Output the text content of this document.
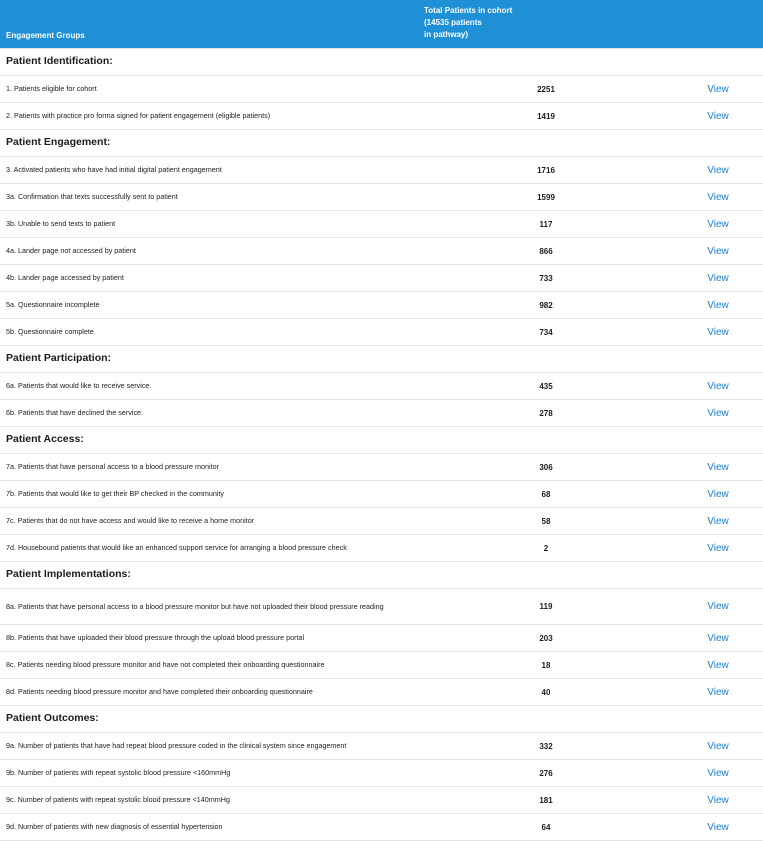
Engagement Groups
Total Patients in cohort
(14535 patients
in pathway)
Patient Identification:
1. Patients eligible for cohort	2251	View
2. Patients with practice pro forma signed for patient engagement (eligible patients)	1419	View
Patient Engagement:
3. Activated patients who have had initial digital patient engagement	1716	View
3a. Confirmation that texts successfully sent to patient	1599	View
3b. Unable to send texts to patient	117	View
4a. Lander page not accessed by patient	866	View
4b. Lander page accessed by patient	733	View
5a. Questionnaire incomplete	982	View
5b. Questionnaire complete	734	View
Patient Participation:
6a. Patients that would like to receive service.	435	View
6b. Patients that have declined the service.	278	View
Patient Access:
7a. Patients that have personal access to a blood pressure monitor	306	View
7b. Patients that would like to get their BP checked in the community	68	View
7c. Patients that do not have access and would like to receive a home monitor	58	View
7d. Housebound patients that would like an enhanced support service for arranging a blood pressure check	2	View
Patient Implementations:
8a. Patients that have personal access to a blood pressure monitor but have not uploaded their blood pressure reading	119	View
8b. Patients that have uploaded their blood pressure through the upload blood pressure portal	203	View
8c. Patients needing blood pressure monitor and have not completed their onboarding questionnaire	18	View
8d. Patients needing blood pressure monitor and have completed their onboarding questionnaire	40	View
Patient Outcomes:
9a. Number of patients that have had repeat blood pressure coded in the clinical system since engagement	332	View
9b. Number of patients with repeat systolic blood pressure <160mmHg	276	View
9c. Number of patients with repeat systolic blood pressure <140mmHg	181	View
9d. Number of patients with new diagnosis of essential hypertension	64	View
